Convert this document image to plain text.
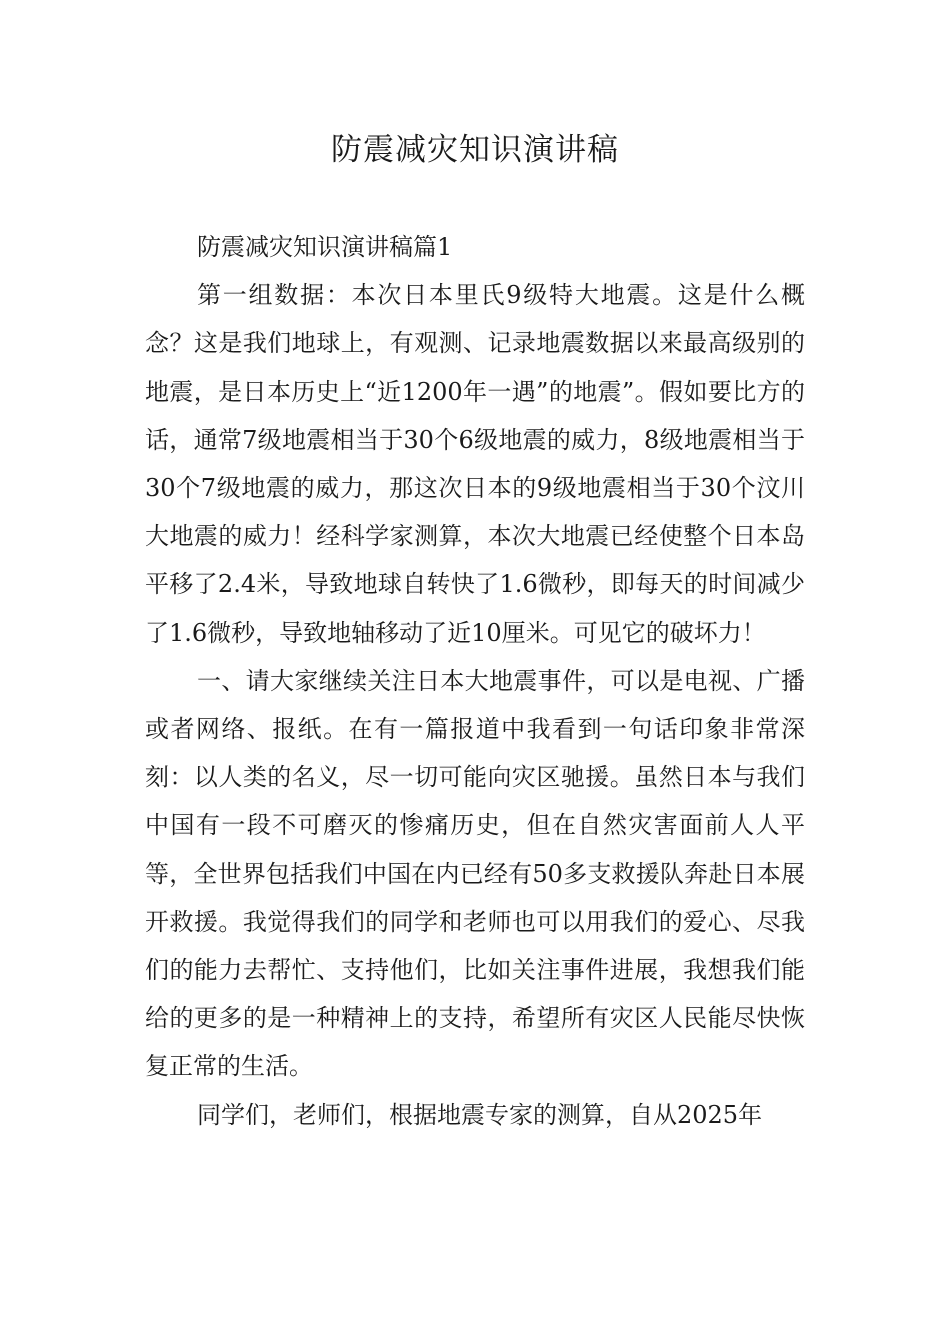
防震减灾知识演讲稿

防震减灾知识演讲稿篇1

第一组数据：本次日本里氏9级特大地震。这是什么概念？这是我们地球上，有观测、记录地震数据以来最高级别的地震，是日本历史上“近1200年一遇”的地震”。假如要比方的话，通常7级地震相当于30个6级地震的威力，8级地震相当于30个7级地震的威力，那这次日本的9级地震相当于30个汶川大地震的威力！经科学家测算，本次大地震已经使整个日本岛平移了2.4米，导致地球自转快了1.6微秒，即每天的时间减少了1.6微秒，导致地轴移动了近10厘米。可见它的破坏力！

一、请大家继续关注日本大地震事件，可以是电视、广播或者网络、报纸。在有一篇报道中我看到一句话印象非常深刻：以人类的名义，尽一切可能向灾区驰援。虽然日本与我们中国有一段不可磨灭的惨痛历史，但在自然灾害面前人人平等，全世界包括我们中国在内已经有50多支救援队奔赴日本展开救援。我觉得我们的同学和老师也可以用我们的爱心、尽我们的能力去帮忙、支持他们，比如关注事件进展，我想我们能给的更多的是一种精神上的支持，希望所有灾区人民能尽快恢复正常的生活。

同学们，老师们，根据地震专家的测算，自从2025年
